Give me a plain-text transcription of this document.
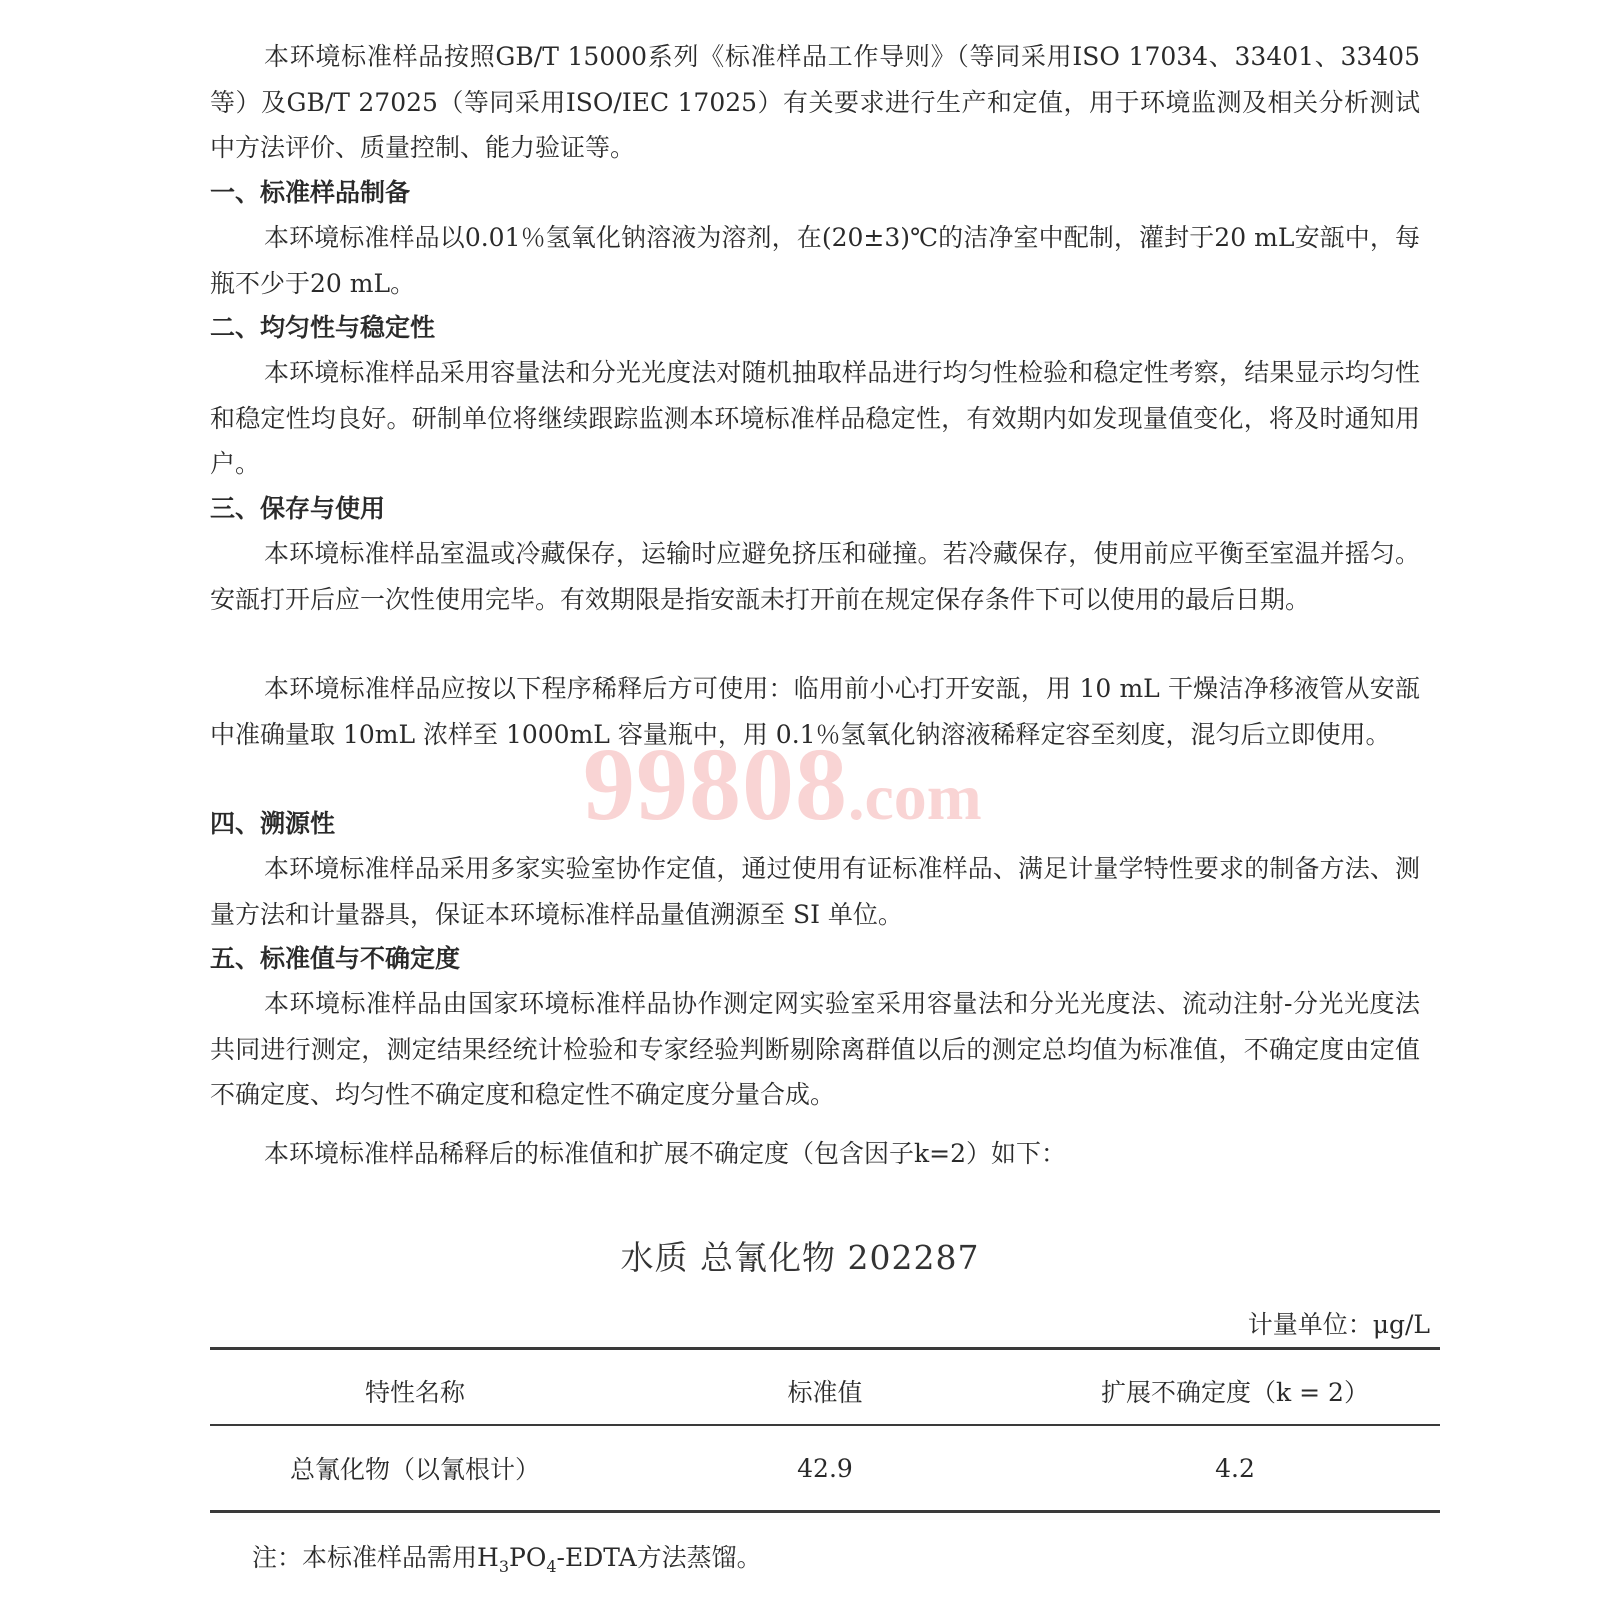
本环境标准样品按照GB/T 15000系列《标准样品工作导则》（等同采用ISO 17034、33401、33405等）及GB/T 27025（等同采用ISO/IEC 17025）有关要求进行生产和定值，用于环境监测及相关分析测试中方法评价、质量控制、能力验证等。

一、标准样品制备

本环境标准样品以0.01％氢氧化钠溶液为溶剂，在(20±3)℃的洁净室中配制，灌封于20 mL安瓿中，每瓶不少于20 mL。

二、均匀性与稳定性

本环境标准样品采用容量法和分光光度法对随机抽取样品进行均匀性检验和稳定性考察，结果显示均匀性和稳定性均良好。研制单位将继续跟踪监测本环境标准样品稳定性，有效期内如发现量值变化，将及时通知用户。

三、保存与使用

本环境标准样品室温或冷藏保存，运输时应避免挤压和碰撞。若冷藏保存，使用前应平衡至室温并摇匀。安瓿打开后应一次性使用完毕。有效期限是指安瓿未打开前在规定保存条件下可以使用的最后日期。

本环境标准样品应按以下程序稀释后方可使用：临用前小心打开安瓿，用 10 mL 干燥洁净移液管从安瓿中准确量取 10mL 浓样至 1000mL 容量瓶中，用 0.1％氢氧化钠溶液稀释定容至刻度，混匀后立即使用。

99808.com
四、溯源性

本环境标准样品采用多家实验室协作定值，通过使用有证标准样品、满足计量学特性要求的制备方法、测量方法和计量器具，保证本环境标准样品量值溯源至 SI 单位。

五、标准值与不确定度

本环境标准样品由国家环境标准样品协作测定网实验室采用容量法和分光光度法、流动注射-分光光度法共同进行测定，测定结果经统计检验和专家经验判断剔除离群值以后的测定总均值为标准值，不确定度由定值不确定度、均匀性不确定度和稳定性不确定度分量合成。

本环境标准样品稀释后的标准值和扩展不确定度（包含因子k=2）如下：

水质 总氰化物 202287
计量单位：μg/L
特性名称	标准值	扩展不确定度（k = 2）
总氰化物（以氰根计）	42.9	4.2
注：本标准样品需用$H_3PO_4$-EDTA方法蒸馏。
